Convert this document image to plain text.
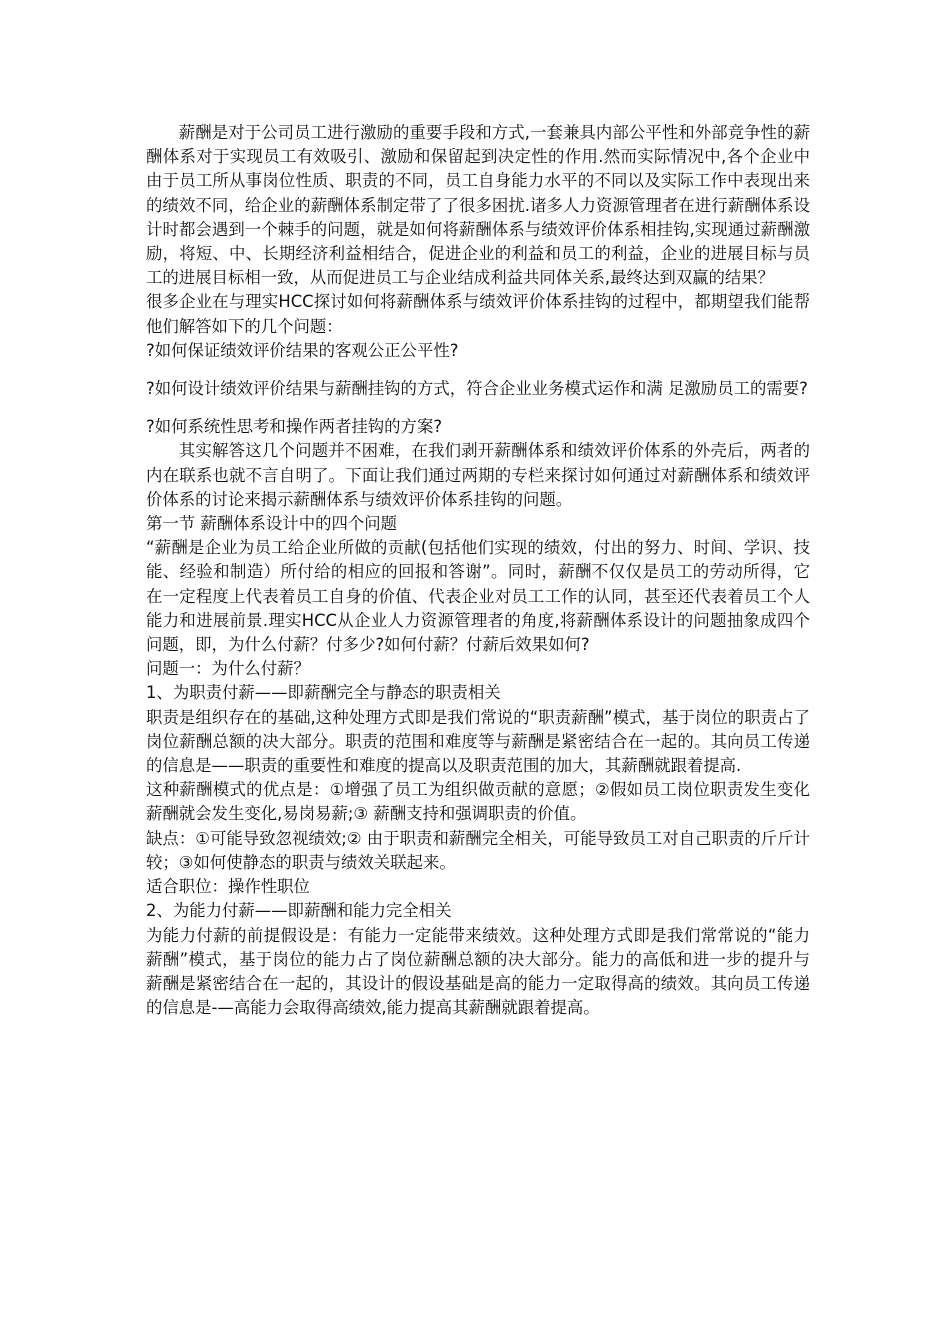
薪酬是对于公司员工进行激励的重要手段和方式,一套兼具内部公平性和外部竞争性的薪酬体系对于实现员工有效吸引、激励和保留起到决定性的作用.然而实际情况中,各个企业中由于员工所从事岗位性质、职责的不同，员工自身能力水平的不同以及实际工作中表现出来的绩效不同，给企业的薪酬体系制定带了了很多困扰.诸多人力资源管理者在进行薪酬体系设计时都会遇到一个棘手的问题，就是如何将薪酬体系与绩效评价体系相挂钩,实现通过薪酬激励，将短、中、长期经济利益相结合，促进企业的利益和员工的利益，企业的进展目标与员工的进展目标相一致，从而促进员工与企业结成利益共同体关系,最终达到双赢的结果？

很多企业在与理实HCC探讨如何将薪酬体系与绩效评价体系挂钩的过程中，都期望我们能帮他们解答如下的几个问题：

?如何保证绩效评价结果的客观公正公平性?

?如何设计绩效评价结果与薪酬挂钩的方式，符合企业业务模式运作和满 足激励员工的需要?

?如何系统性思考和操作两者挂钩的方案?

其实解答这几个问题并不困难，在我们剥开薪酬体系和绩效评价体系的外壳后，两者的内在联系也就不言自明了。下面让我们通过两期的专栏来探讨如何通过对薪酬体系和绩效评价体系的讨论来揭示薪酬体系与绩效评价体系挂钩的问题。

第一节 薪酬体系设计中的四个问题

“薪酬是企业为员工给企业所做的贡献(包括他们实现的绩效，付出的努力、时间、学识、技能、经验和制造）所付给的相应的回报和答谢”。同时，薪酬不仅仅是员工的劳动所得，它在一定程度上代表着员工自身的价值、代表企业对员工工作的认同，甚至还代表着员工个人能力和进展前景.理实HCC从企业人力资源管理者的角度,将薪酬体系设计的问题抽象成四个问题，即，为什么付薪？付多少?如何付薪？付薪后效果如何?

问题一：为什么付薪？

1、为职责付薪——即薪酬完全与静态的职责相关

职责是组织存在的基础,这种处理方式即是我们常说的“职责薪酬”模式，基于岗位的职责占了岗位薪酬总额的决大部分。职责的范围和难度等与薪酬是紧密结合在一起的。其向员工传递的信息是——职责的重要性和难度的提高以及职责范围的加大，其薪酬就跟着提高.

这种薪酬模式的优点是：①增强了员工为组织做贡献的意愿；②假如员工岗位职责发生变化薪酬就会发生变化,易岗易薪;③ 薪酬支持和强调职责的价值。

缺点：①可能导致忽视绩效;② 由于职责和薪酬完全相关，可能导致员工对自己职责的斤斤计较；③如何使静态的职责与绩效关联起来。

适合职位：操作性职位

2、为能力付薪——即薪酬和能力完全相关

为能力付薪的前提假设是：有能力一定能带来绩效。这种处理方式即是我们常常说的“能力薪酬”模式，基于岗位的能力占了岗位薪酬总额的决大部分。能力的高低和进一步的提升与薪酬是紧密结合在一起的，其设计的假设基础是高的能力一定取得高的绩效。其向员工传递的信息是-—高能力会取得高绩效,能力提高其薪酬就跟着提高。
